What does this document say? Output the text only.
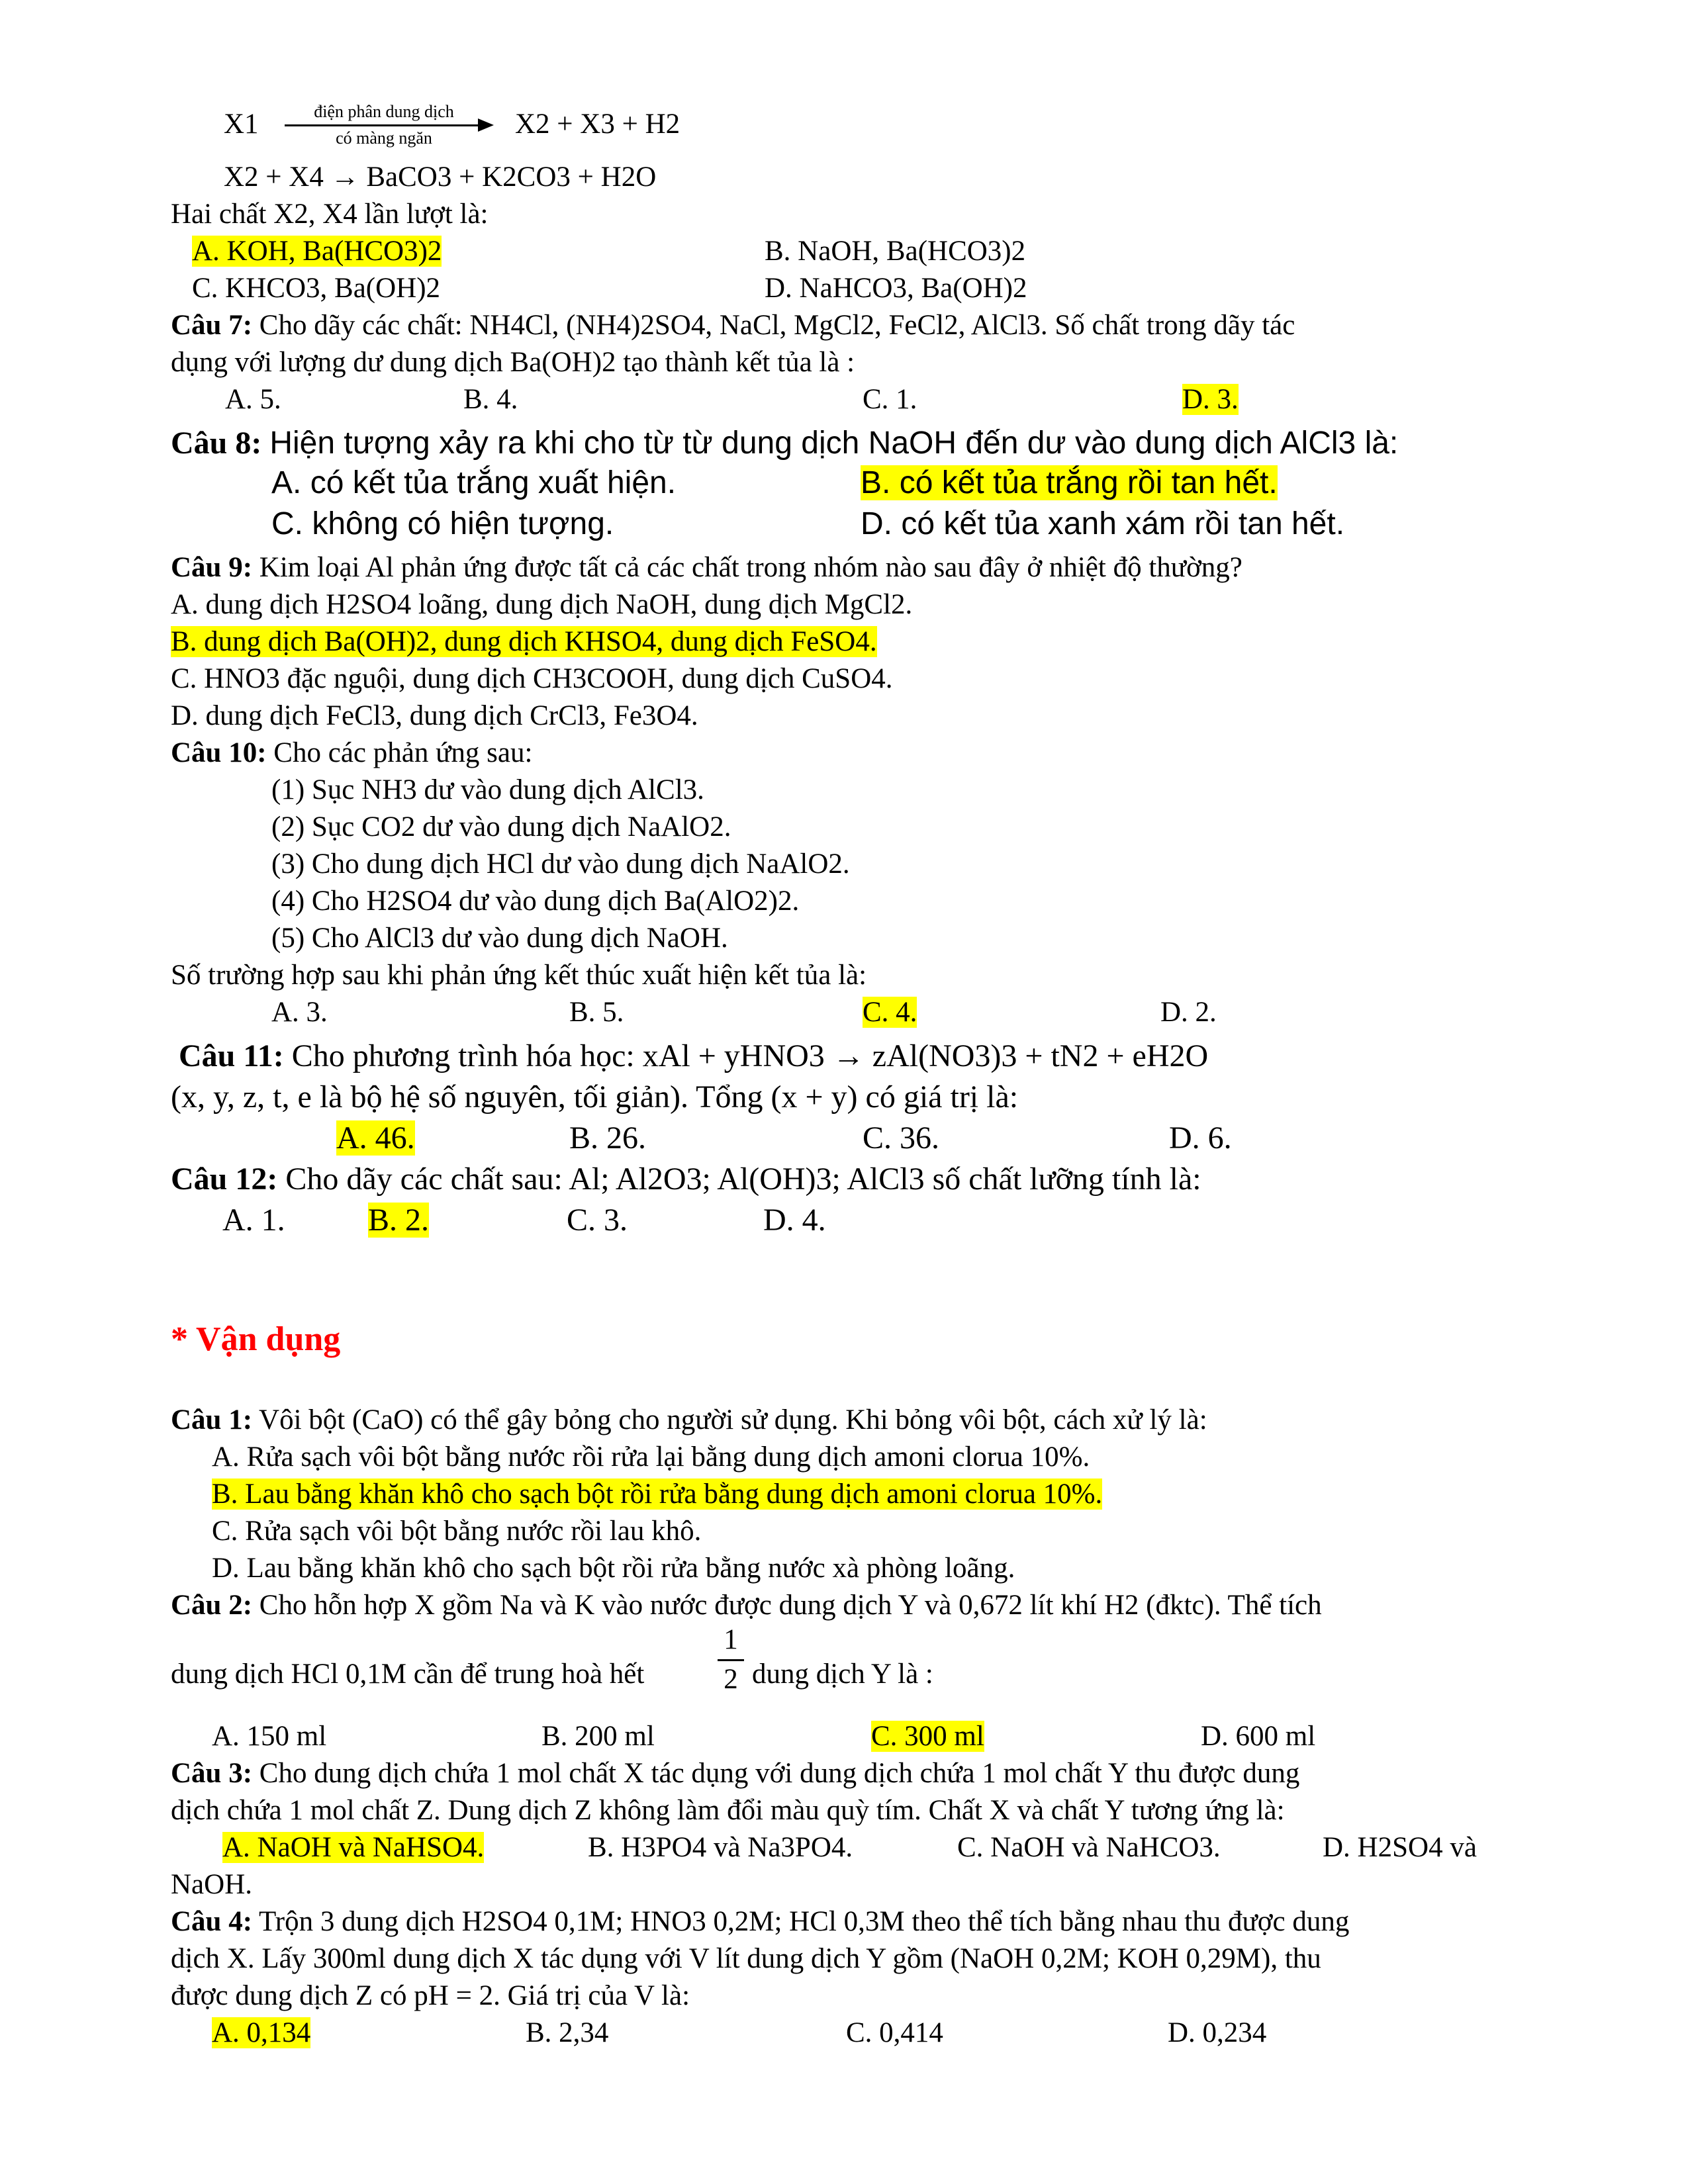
X1	điện phân dung dịch
có màng ngăn	X2 + X3 + H2
X2 + X4 → BaCO3 + K2CO3 + H2O
Hai chất X2, X4 lần lượt là:
A. KOH, Ba(HCO3)2	B. NaOH, Ba(HCO3)2
C. KHCO3, Ba(OH)2	D. NaHCO3, Ba(OH)2
Câu 7: Cho dãy các chất: NH4Cl, (NH4)2SO4, NaCl, MgCl2, FeCl2, AlCl3. Số chất trong dãy tác
dụng với lượng dư dung dịch Ba(OH)2 tạo thành kết tủa là :
A. 5.	B. 4.	C. 1.	D. 3.
Câu 8: Hiện tượng xảy ra khi cho từ từ dung dịch NaOH đến dư vào dung dịch AlCl3 là:
A. có kết tủa trắng xuất hiện.	B. có kết tủa trắng rồi tan hết.
C. không có hiện tượng.	D. có kết tủa xanh xám rồi tan hết.
Câu 9: Kim loại Al phản ứng được tất cả các chất trong nhóm nào sau đây ở nhiệt độ thường?
A. dung dịch H2SO4 loãng, dung dịch NaOH, dung dịch MgCl2.
B. dung dịch Ba(OH)2, dung dịch KHSO4, dung dịch FeSO4.
C. HNO3 đặc nguội, dung dịch CH3COOH, dung dịch CuSO4.
D. dung dịch FeCl3, dung dịch CrCl3, Fe3O4.
Câu 10: Cho các phản ứng sau:
(1) Sục NH3 dư vào dung dịch AlCl3.
(2) Sục CO2 dư vào dung dịch NaAlO2.
(3) Cho dung dịch HCl dư vào dung dịch NaAlO2.
(4) Cho H2SO4 dư vào dung dịch Ba(AlO2)2.
(5) Cho AlCl3 dư vào dung dịch NaOH.
Số trường hợp sau khi phản ứng kết thúc xuất hiện kết tủa là:
A. 3.	B. 5.	C. 4.	D. 2.
Câu 11: Cho phương trình hóa học: xAl + yHNO3 → zAl(NO3)3 + tN2 + eH2O
(x, y, z, t, e là bộ hệ số nguyên, tối giản). Tổng (x + y) có giá trị là:
A. 46.	B. 26.	C. 36.	D. 6.
Câu 12: Cho dãy các chất sau: Al; Al2O3; Al(OH)3; AlCl3 số chất lưỡng tính là:
A. 1.	B. 2.	C. 3.	D. 4.
* Vận dụng
Câu 1: Vôi bột (CaO) có thể gây bỏng cho người sử dụng. Khi bỏng vôi bột, cách xử lý là:
A. Rửa sạch vôi bột bằng nước rồi rửa lại bằng dung dịch amoni clorua 10%.
B. Lau bằng khăn khô cho sạch bột rồi rửa bằng dung dịch amoni clorua 10%.
C. Rửa sạch vôi bột bằng nước rồi lau khô.
D. Lau bằng khăn khô cho sạch bột rồi rửa bằng nước xà phòng loãng.
Câu 2: Cho hỗn hợp X gồm Na và K vào nước được dung dịch Y và 0,672 lít khí H2 (đktc). Thể tích
dung dịch HCl 0,1M cần để trung hoà hết
1
2 dung dịch Y là :
A. 150 ml	B. 200 ml	C. 300 ml	D. 600 ml
Câu 3: Cho dung dịch chứa 1 mol chất X tác dụng với dung dịch chứa 1 mol chất Y thu được dung
dịch chứa 1 mol chất Z. Dung dịch Z không làm đổi màu quỳ tím. Chất X và chất Y tương ứng là:
A. NaOH và NaHSO4.	B. H3PO4 và Na3PO4.	C. NaOH và NaHCO3.	D. H2SO4 và
NaOH.
Câu 4: Trộn 3 dung dịch H2SO4 0,1M; HNO3 0,2M; HCl 0,3M theo thể tích bằng nhau thu được dung
dịch X. Lấy 300ml dung dịch X tác dụng với V lít dung dịch Y gồm (NaOH 0,2M; KOH 0,29M), thu
được dung dịch Z có pH = 2. Giá trị của V là:
A. 0,134	B. 2,34	C. 0,414	D. 0,234
